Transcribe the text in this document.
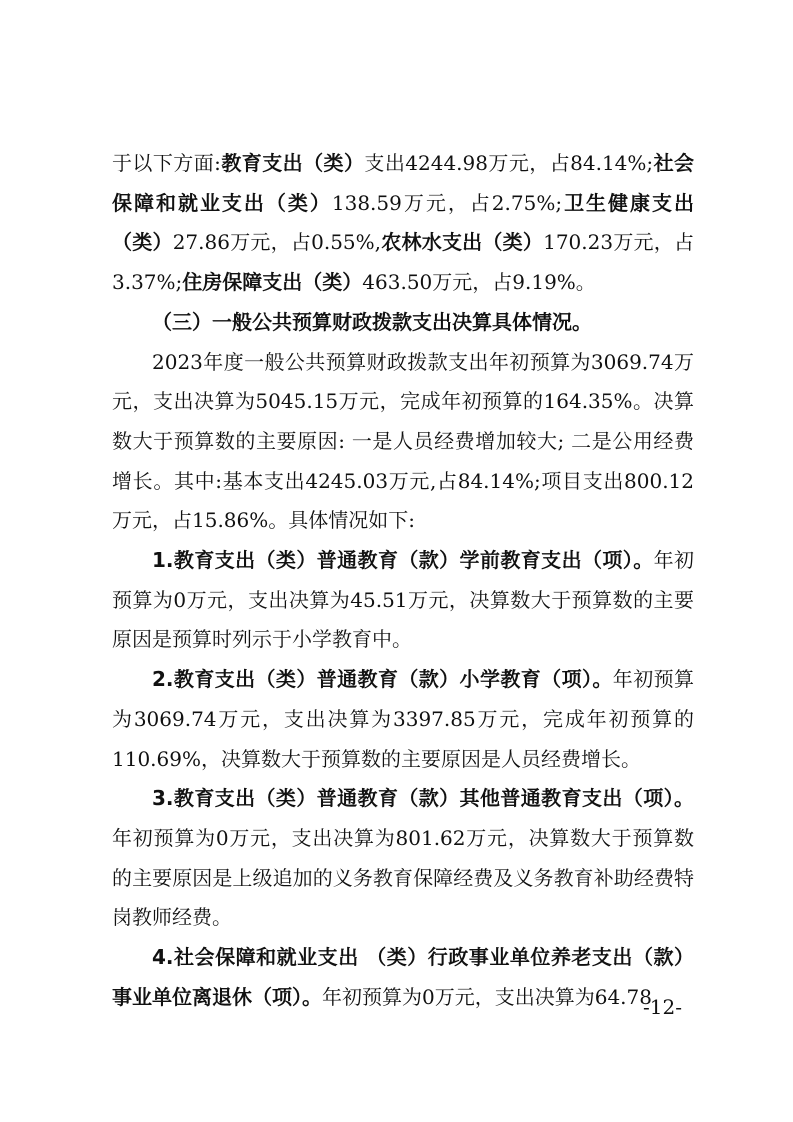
于以下方面:教育支出（类）支出4244.98万元，占84.14%;社会保障和就业支出（类）138.59万元，占2.75%;卫生健康支出（类）27.86万元，占0.55%,农林水支出（类）170.23万元，占3.37%;住房保障支出（类）463.50万元，占9.19%。

（三）一般公共预算财政拨款支出决算具体情况。

2023年度一般公共预算财政拨款支出年初预算为3069.74万元，支出决算为5045.15万元，完成年初预算的164.35%。决算数大于预算数的主要原因: 一是人员经费增加较大; 二是公用经费增长。其中:基本支出4245.03万元,占84.14%;项目支出800.12万元，占15.86%。具体情况如下:

1.教育支出（类）普通教育（款）学前教育支出（项）。年初预算为0万元，支出决算为45.51万元，决算数大于预算数的主要原因是预算时列示于小学教育中。

2.教育支出（类）普通教育（款）小学教育（项）。年初预算为3069.74万元，支出决算为3397.85万元，完成年初预算的110.69%，决算数大于预算数的主要原因是人员经费增长。

3.教育支出（类）普通教育（款）其他普通教育支出（项）。年初预算为0万元，支出决算为801.62万元，决算数大于预算数的主要原因是上级追加的义务教育保障经费及义务教育补助经费特岗教师经费。

4.社会保障和就业支出 （类）行政事业单位养老支出（款）事业单位离退休（项）。年初预算为0万元，支出决算为64.78

-12-
